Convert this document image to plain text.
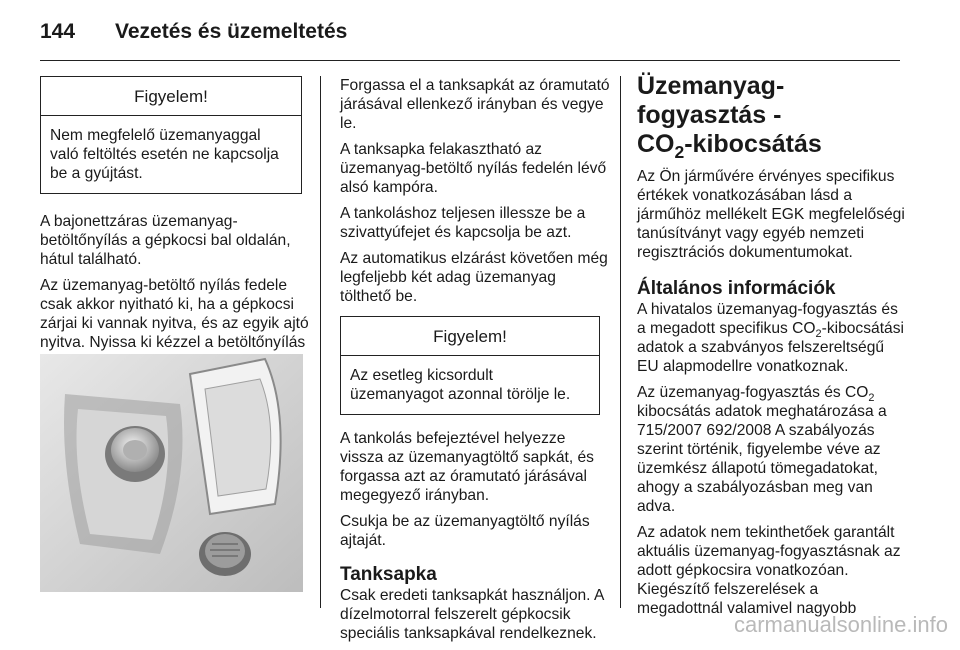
144 Vezetés és üzemeltetés
Figyelem!
Nem megfelelő üzemanyaggal való feltöltés esetén ne kapcsolja be a gyújtást.

A bajonettzáras üzemanyag-betöltőnyílás a gépkocsi bal oldalán, hátul található.

Az üzemanyag-betöltő nyílás fedele csak akkor nyitható ki, ha a gépkocsi zárjai ki vannak nyitva, és az egyik ajtó nyitva. Nyissa ki kézzel a betöltőnyílás

Forgassa el a tanksapkát az óramutató járásával ellenkező irányban és vegye le.

A tanksapka felakasztható az üzemanyag-betöltő nyílás fedelén lévő alsó kampóra.

A tankoláshoz teljesen illessze be a szivattyúfejet és kapcsolja be azt.

Az automatikus elzárást követően még legfeljebb két adag üzemanyag tölthető be.

Figyelem!
Az esetleg kicsordult üzemanyagot azonnal törölje le.

A tankolás befejeztével helyezze vissza az üzemanyagtöltő sapkát, és forgassa azt az óramutató járásával megegyező irányban.

Csukja be az üzemanyagtöltő nyílás ajtaját.

Tanksapka

Csak eredeti tanksapkát használjon. A dízelmotorral felszerelt gépkocsik speciális tanksapkával rendelkeznek.

Üzemanyag-fogyasztás -
$CO_2$-kibocsátás

Az Ön járművére érvényes specifikus értékek vonatkozásában lásd a járműhöz mellékelt EGK megfelelőségi tanúsítványt vagy egyéb nemzeti regisztrációs dokumentumokat.

Általános információk

A hivatalos üzemanyag-fogyasztás és a megadott specifikus $CO_2$-kibocsátási adatok a szabványos felszereltségű EU alapmodellre vonatkoznak.

Az üzemanyag-fogyasztás és $CO_2$ kibocsátás adatok meghatározása a 715/2007 692/2008 A szabályozás szerint történik, figyelembe véve az üzemkész állapotú tömegadatokat, ahogy a szabályozásban meg van adva.

Az adatok nem tekinthetőek garantált aktuális üzemanyag-fogyasztásnak az adott gépkocsira vonatkozóan. Kiegészítő felszerelések a megadottnál valamivel nagyobb

carmanualsonline.info
